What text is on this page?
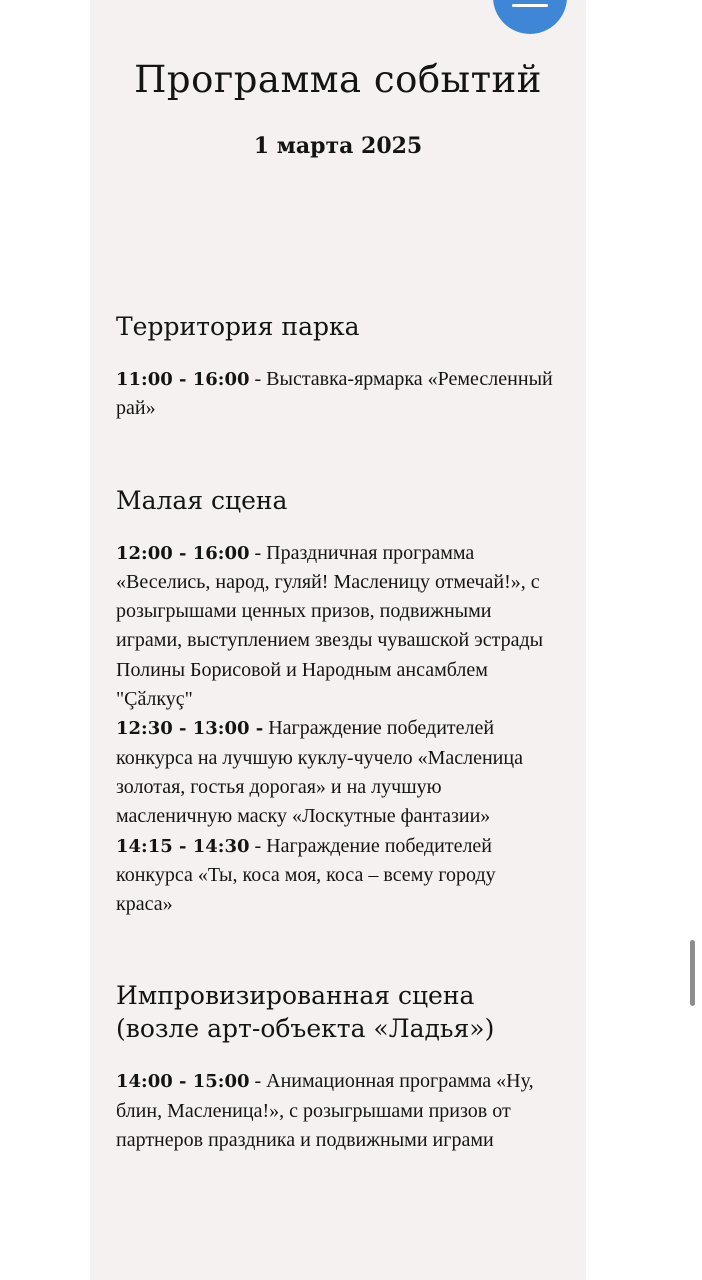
Программа событий
1 марта 2025
Территория парка
11:00 - 16:00 - Выставка-ярмарка «Ремесленный рай»
Малая сцена
12:00 - 16:00 - Праздничная программа «Веселись, народ, гуляй! Масленицу отмечай!», с розыгрышами ценных призов, подвижными играми, выступлением звезды чувашской эстрады Полины Борисовой и Народным ансамблем "Çӑлкуç"
12:30 - 13:00 - Награждение победителей конкурса на лучшую куклу-чучело «Масленица золотая, гостья дорогая» и на лучшую масленичную маску «Лоскутные фантазии»
14:15 - 14:30 - Награждение победителей конкурса «Ты, коса моя, коса – всему городу краса»
Импровизированная сцена (возле арт-объекта «Ладья»)
14:00 - 15:00 - Анимационная программа «Ну, блин, Масленица!», с розыгрышами призов от партнеров праздника и подвижными играми
